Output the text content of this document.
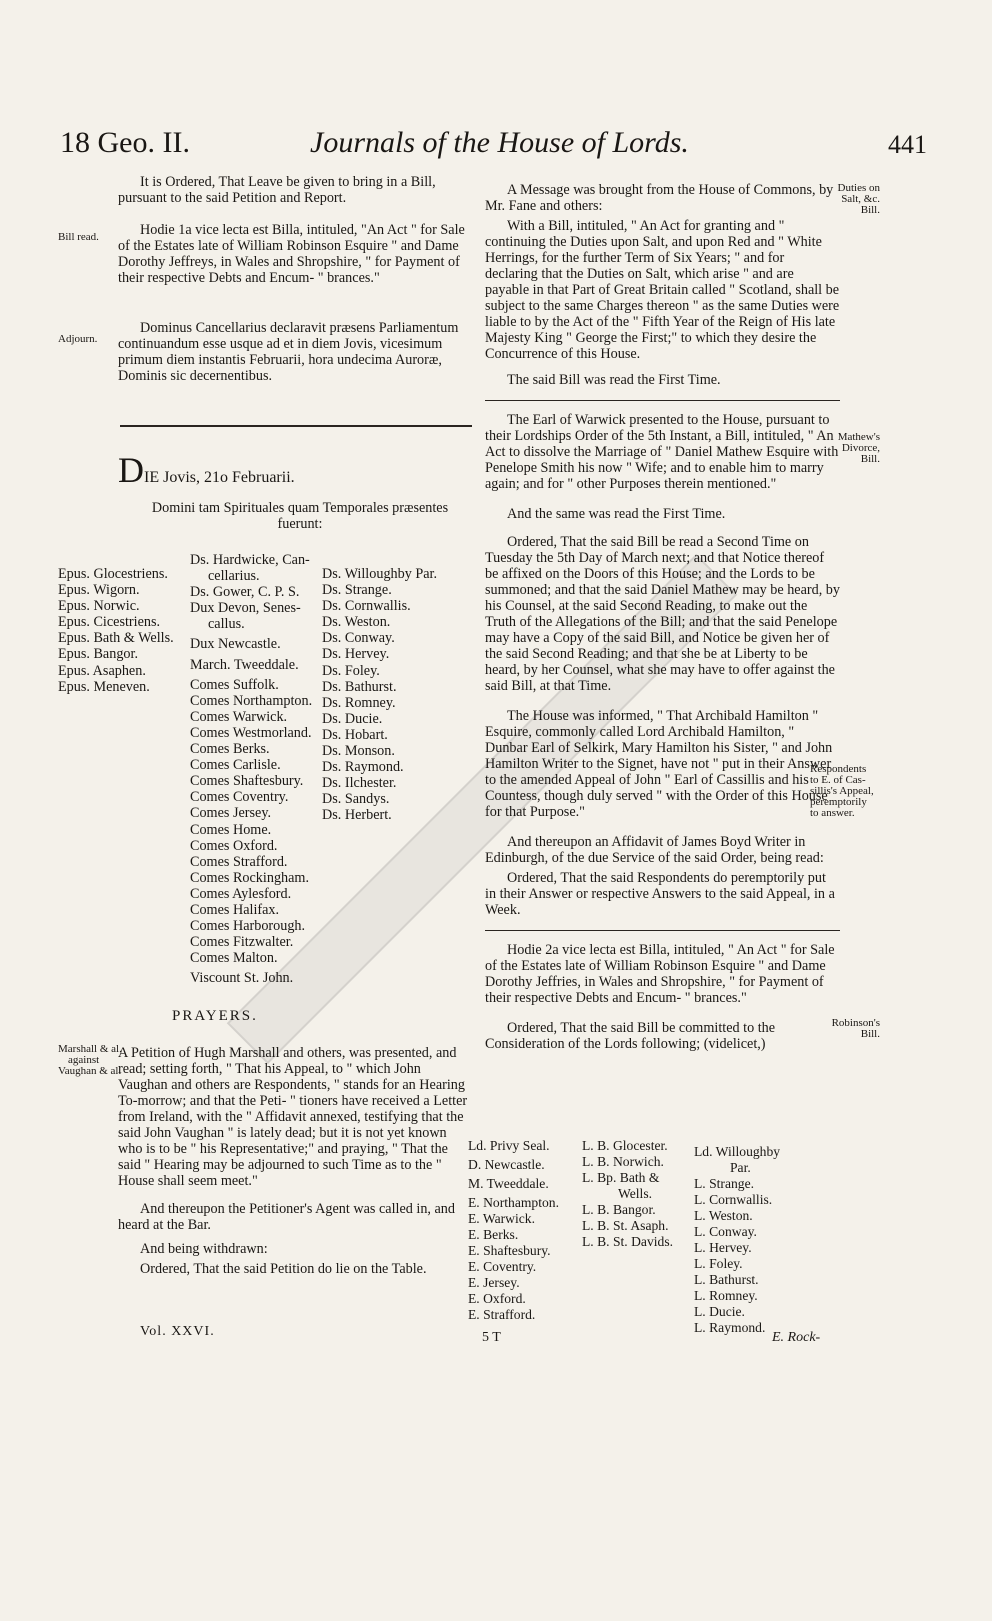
18 Geo. II.	Journals of the House of Lords.	441
Bill read.
Adjourn.
Marshall & al.
against
Vaughan & al.
Duties on
Salt, &c.
Bill.
Mathew's
Divorce,
Bill.
Respondents
to E. of Cas-
sillis's Appeal,
peremptorily
to answer.
Robinson's
Bill.

It is Ordered, That Leave be given to bring in a Bill, pursuant to the said Petition and Report.

Hodie 1a vice lecta est Billa, intituled, "An Act " for Sale of the Estates late of William Robinson Esquire " and Dame Dorothy Jeffreys, in Wales and Shropshire, " for Payment of their respective Debts and Encum- " brances."

Dominus Cancellarius declaravit præsens Parliamentum continuandum esse usque ad et in diem Jovis, vicesimum primum diem instantis Februarii, hora undecima Auroræ, Dominis sic decernentibus.

DIE Jovis, 21o Februarii.
Domini tam Spirituales quam Temporales præsentes fuerunt:
Epus. Glocestriens.
Epus. Wigorn.
Epus. Norwic.
Epus. Cicestriens.
Epus. Bath & Wells.
Epus. Bangor.
Epus. Asaphen.
Epus. Meneven.
Ds. Hardwicke, Can-
cellarius.
Ds. Gower, C. P. S.
Dux Devon, Senes-
callus.
Dux Newcastle.
March. Tweeddale.
Comes Suffolk.
Comes Northampton.
Comes Warwick.
Comes Westmorland.
Comes Berks.
Comes Carlisle.
Comes Shaftesbury.
Comes Coventry.
Comes Jersey.
Comes Home.
Comes Oxford.
Comes Strafford.
Comes Rockingham.
Comes Aylesford.
Comes Halifax.
Comes Harborough.
Comes Fitzwalter.
Comes Malton.
Viscount St. John.
Ds. Willoughby Par.
Ds. Strange.
Ds. Cornwallis.
Ds. Weston.
Ds. Conway.
Ds. Hervey.
Ds. Foley.
Ds. Bathurst.
Ds. Romney.
Ds. Ducie.
Ds. Hobart.
Ds. Monson.
Ds. Raymond.
Ds. Ilchester.
Ds. Sandys.
Ds. Herbert.
PRAYERS.

A Petition of Hugh Marshall and others, was presented, and read; setting forth, " That his Appeal, to " which John Vaughan and others are Respondents, " stands for an Hearing To-morrow; and that the Peti- " tioners have received a Letter from Ireland, with the " Affidavit annexed, testifying that the said John Vaughan " is lately dead; but it is not yet known who is to be " his Representative;" and praying, " That the said " Hearing may be adjourned to such Time as to the " House shall seem meet."

And thereupon the Petitioner's Agent was called in, and heard at the Bar.

And being withdrawn:

Ordered, That the said Petition do lie on the Table.

Vol. XXVI.

A Message was brought from the House of Commons, by Mr. Fane and others:

With a Bill, intituled, " An Act for granting and " continuing the Duties upon Salt, and upon Red and " White Herrings, for the further Term of Six Years; " and for declaring that the Duties on Salt, which arise " and are payable in that Part of Great Britain called " Scotland, shall be subject to the same Charges thereon " as the same Duties were liable to by the Act of the " Fifth Year of the Reign of His late Majesty King " George the First;" to which they desire the Concurrence of this House.

The said Bill was read the First Time.

The Earl of Warwick presented to the House, pursuant to their Lordships Order of the 5th Instant, a Bill, intituled, " An Act to dissolve the Marriage of " Daniel Mathew Esquire with Penelope Smith his now " Wife; and to enable him to marry again; and for " other Purposes therein mentioned."

And the same was read the First Time.

Ordered, That the said Bill be read a Second Time on Tuesday the 5th Day of March next; and that Notice thereof be affixed on the Doors of this House; and the Lords to be summoned; and that the said Daniel Mathew may be heard, by his Counsel, at the said Second Reading, to make out the Truth of the Allegations of the Bill; and that the said Penelope may have a Copy of the said Bill, and Notice be given her of the said Second Reading; and that she be at Liberty to be heard, by her Counsel, what she may have to offer against the said Bill, at that Time.

The House was informed, " That Archibald Hamilton " Esquire, commonly called Lord Archibald Hamilton, " Dunbar Earl of Selkirk, Mary Hamilton his Sister, " and John Hamilton Writer to the Signet, have not " put in their Answer to the amended Appeal of John " Earl of Cassillis and his Countess, though duly served " with the Order of this House for that Purpose."

And thereupon an Affidavit of James Boyd Writer in Edinburgh, of the due Service of the said Order, being read:

Ordered, That the said Respondents do peremptorily put in their Answer or respective Answers to the said Appeal, in a Week.

Hodie 2a vice lecta est Billa, intituled, " An Act " for Sale of the Estates late of William Robinson Esquire " and Dame Dorothy Jeffries, in Wales and Shropshire, " for Payment of their respective Debts and Encum- " brances."

Ordered, That the said Bill be committed to the Consideration of the Lords following; (videlicet,)

Ld. Privy Seal.
D. Newcastle.
M. Tweeddale.
E. Northampton.
E. Warwick.
E. Berks.
E. Shaftesbury.
E. Coventry.
E. Jersey.
E. Oxford.
E. Strafford.
L. B. Glocester.
L. B. Norwich.
L. Bp. Bath &
Wells.
L. B. Bangor.
L. B. St. Asaph.
L. B. St. Davids.
Ld. Willoughby
Par.
L. Strange.
L. Cornwallis.
L. Weston.
L. Conway.
L. Hervey.
L. Foley.
L. Bathurst.
L. Romney.
L. Ducie.
L. Raymond.
5 T	E. Rock-
